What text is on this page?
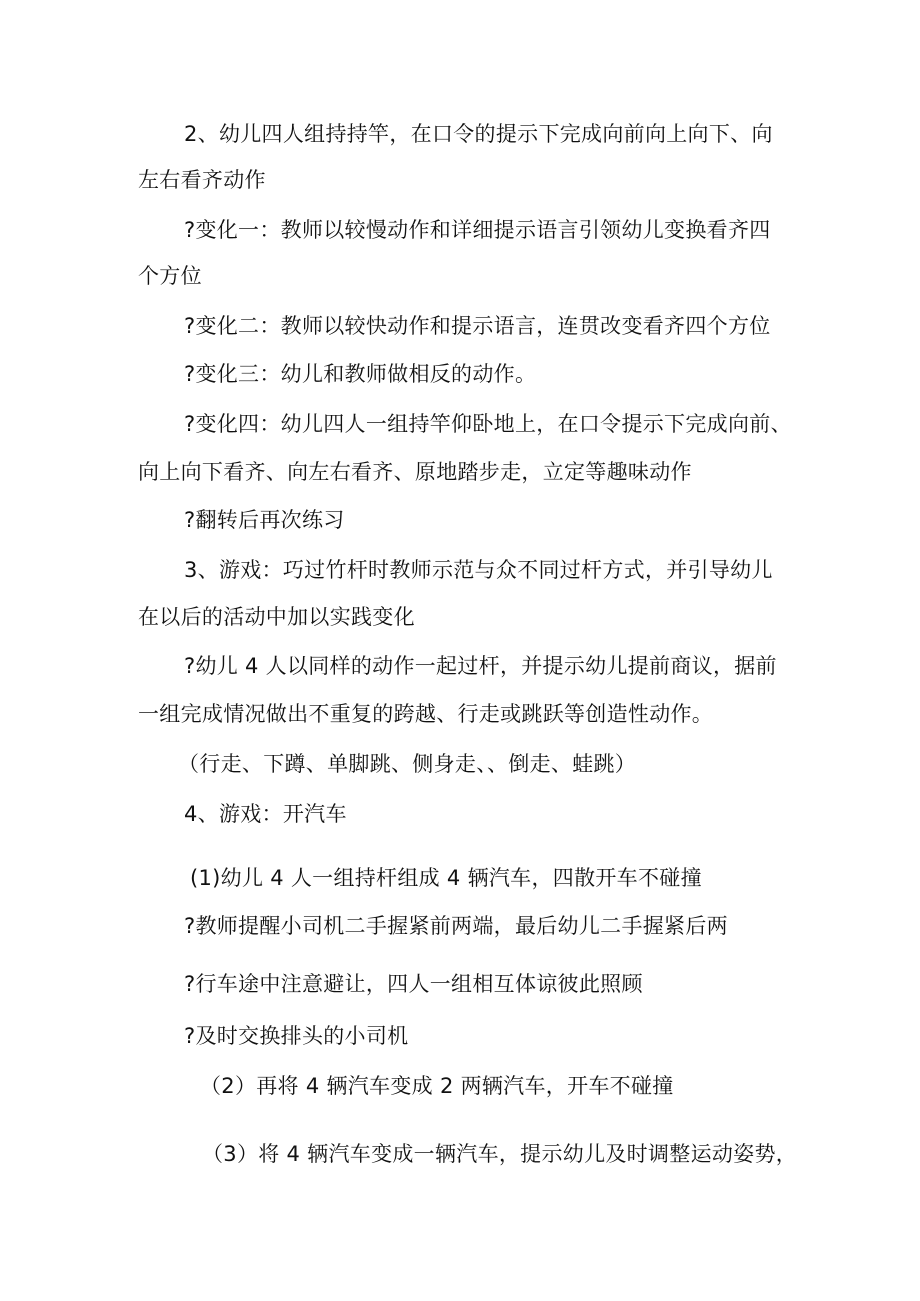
2、幼儿四人组持持竿，在口令的提示下完成向前向上向下、向
左右看齐动作
?变化一：教师以较慢动作和详细提示语言引领幼儿变换看齐四
个方位
?变化二：教师以较快动作和提示语言，连贯改变看齐四个方位
?变化三：幼儿和教师做相反的动作。
?变化四：幼儿四人一组持竿仰卧地上，在口令提示下完成向前、
向上向下看齐、向左右看齐、原地踏步走，立定等趣味动作
?翻转后再次练习
3、游戏：巧过竹杆时教师示范与众不同过杆方式，并引导幼儿
在以后的活动中加以实践变化
?幼儿 4 人以同样的动作一起过杆，并提示幼儿提前商议，据前
一组完成情况做出不重复的跨越、行走或跳跃等创造性动作。
（行走、下蹲、单脚跳、侧身走、、倒走、蛙跳）
4、游戏：开汽车
(1)幼儿 4 人一组持杆组成 4 辆汽车，四散开车不碰撞
?教师提醒小司机二手握紧前两端，最后幼儿二手握紧后两
?行车途中注意避让，四人一组相互体谅彼此照顾
?及时交换排头的小司机
（2）再将 4 辆汽车变成 2 两辆汽车，开车不碰撞
（3）将 4 辆汽车变成一辆汽车，提示幼儿及时调整运动姿势，
